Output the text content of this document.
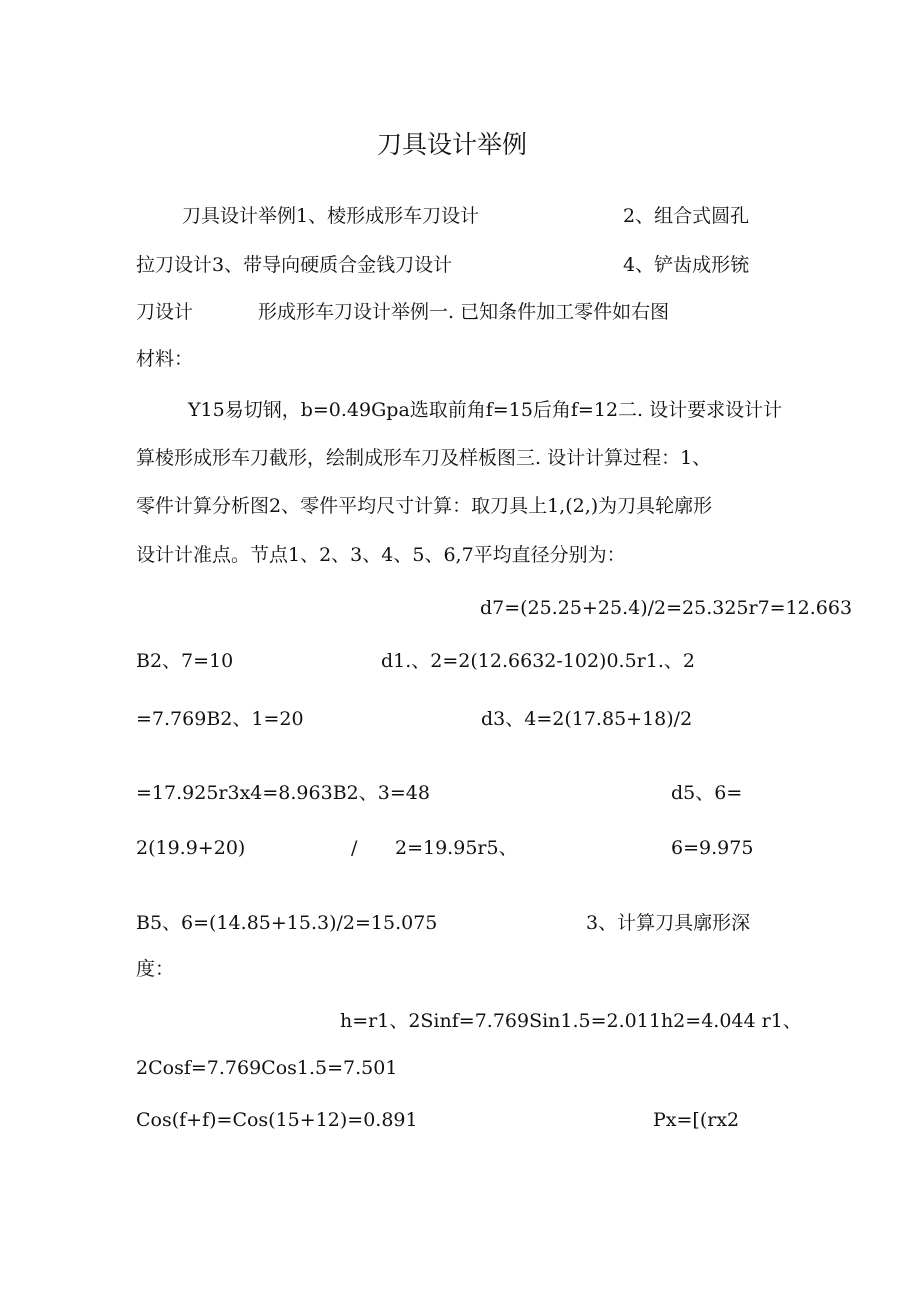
刀具设计举例
刀具设计举例1、棱形成形车刀设计	2、组合式圆孔
拉刀设计3、带导向硬质合金钱刀设计	4、铲齿成形铳
刀设计	形成形车刀设计举例一. 已知条件加工零件如右图
材料：
Y15易切钢，b=0.49Gpa选取前角f=15后角f=12二. 设计要求设计计
算棱形成形车刀截形，绘制成形车刀及样板图三. 设计计算过程：1、
零件计算分析图2、零件平均尺寸计算：取刀具上1,(2,)为刀具轮廓形
设计计准点。节点1、2、3、4、5、6,7平均直径分别为：
d7=(25.25+25.4)/2=25.325r7=12.663
B2、7=10	d1.、2=2(12.6632-102)0.5r1.、2
=7.769B2、1=20	d3、4=2(17.85+18)/2
=17.925r3x4=8.963B2、3=48	d5、6=
2(19.9+20)	/ 2=19.95r5、	6=9.975
B5、6=(14.85+15.3)/2=15.075	3、计算刀具廓形深
度：
h=r1、2Sinf=7.769Sin1.5=2.011h2=4.044 r1、
2Cosf=7.769Cos1.5=7.501
Cos(f+f)=Cos(15+12)=0.891	Px=[(rx2
